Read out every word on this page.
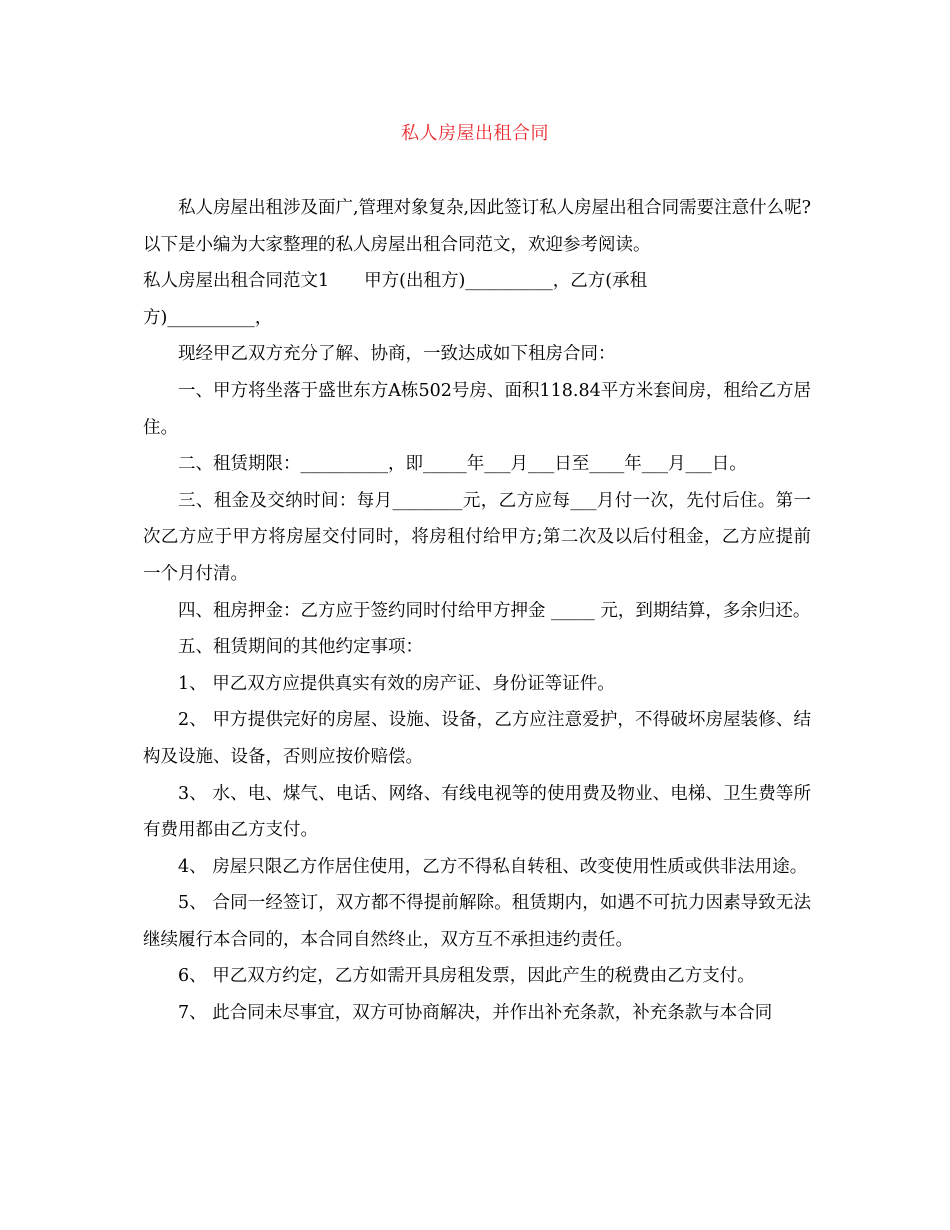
私人房屋出租合同

私人房屋出租涉及面广,管理对象复杂,因此签订私人房屋出租合同需要注意什么呢?以下是小编为大家整理的私人房屋出租合同范文，欢迎参考阅读。

私人房屋出租合同范文1　　甲方(出租方)__________，乙方(承租

方)__________，

现经甲乙双方充分了解、协商，一致达成如下租房合同：

一、甲方将坐落于盛世东方A栋502号房、面积118.84平方米套间房，租给乙方居住。

二、租赁期限：__________，即_____年___月___日至____年___月___日。

三、租金及交纳时间：每月________元，乙方应每___月付一次，先付后住。第一次乙方应于甲方将房屋交付同时，将房租付给甲方;第二次及以后付租金，乙方应提前一个月付清。

四、租房押金：乙方应于签约同时付给甲方押金 _____ 元，到期结算，多余归还。

五、租赁期间的其他约定事项：

1、 甲乙双方应提供真实有效的房产证、身份证等证件。

2、 甲方提供完好的房屋、设施、设备，乙方应注意爱护，不得破坏房屋装修、结构及设施、设备，否则应按价赔偿。

3、 水、电、煤气、电话、网络、有线电视等的使用费及物业、电梯、卫生费等所有费用都由乙方支付。

4、 房屋只限乙方作居住使用，乙方不得私自转租、改变使用性质或供非法用途。

5、 合同一经签订，双方都不得提前解除。租赁期内，如遇不可抗力因素导致无法继续履行本合同的，本合同自然终止，双方互不承担违约责任。

6、 甲乙双方约定，乙方如需开具房租发票，因此产生的税费由乙方支付。

7、 此合同未尽事宜，双方可协商解决，并作出补充条款，补充条款与本合同
